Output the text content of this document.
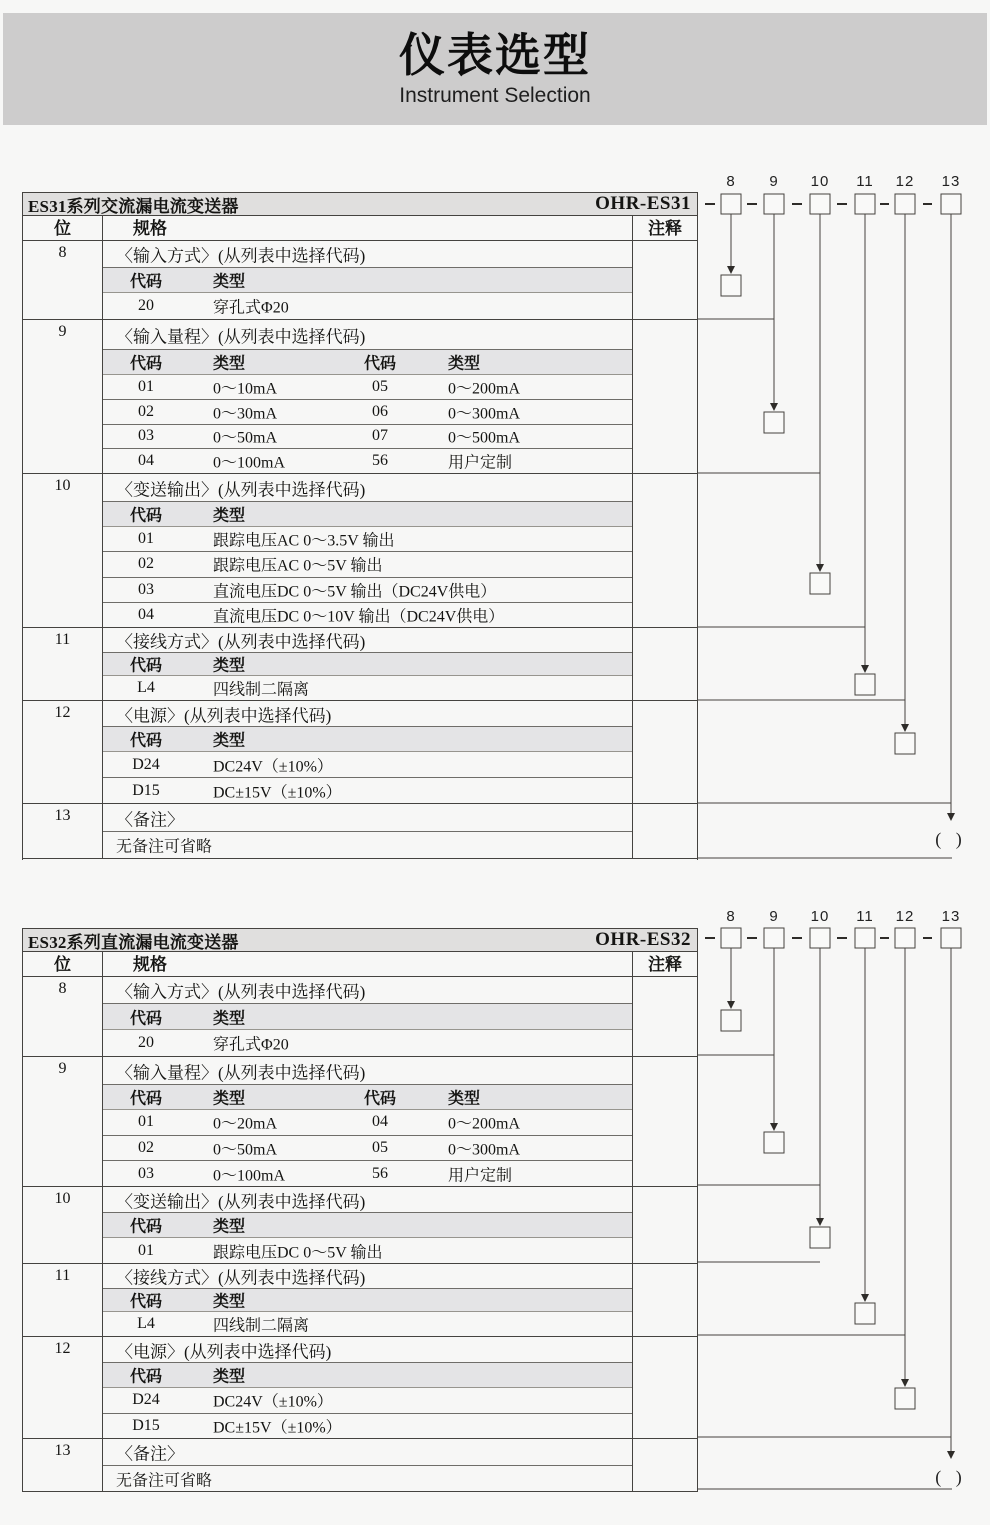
仪表选型
Instrument Selection
ES31系列交流漏电流变送器	OHR-ES31
位	规格	注释
8	〈输入方式〉(从列表中选择代码)
代码	类型
20	穿孔式Φ20
9	〈输入量程〉(从列表中选择代码)
代码	类型	代码	类型
01	0～10mA	05	0～200mA
02	0～30mA	06	0～300mA
03	0～50mA	07	0～500mA
04	0～100mA	56	用户定制
10	〈变送输出〉(从列表中选择代码)
代码	类型
01	跟踪电压AC 0～3.5V 输出
02	跟踪电压AC 0～5V 输出
03	直流电压DC 0～5V 输出（DC24V供电）
04	直流电压DC 0～10V 输出（DC24V供电）
11	〈接线方式〉(从列表中选择代码)
代码	类型
L4	四线制二隔离
12	〈电源〉(从列表中选择代码)
代码	类型
D24	DC24V（±10%）
D15	DC±15V（±10%）
13	〈备注〉
无备注可省略
8 9 10 11 12 13
( )
ES32系列直流漏电流变送器	OHR-ES32
位	规格	注释
8	〈输入方式〉(从列表中选择代码)
代码	类型
20	穿孔式Φ20
9	〈输入量程〉(从列表中选择代码)
代码	类型	代码	类型
01	0～20mA	04	0～200mA
02	0～50mA	05	0～300mA
03	0～100mA	56	用户定制
10	〈变送输出〉(从列表中选择代码)
代码	类型
01	跟踪电压DC 0～5V 输出
11	〈接线方式〉(从列表中选择代码)
代码	类型
L4	四线制二隔离
12	〈电源〉(从列表中选择代码)
代码	类型
D24	DC24V（±10%）
D15	DC±15V（±10%）
13	〈备注〉
无备注可省略
8 9 10 11 12 13
( )
